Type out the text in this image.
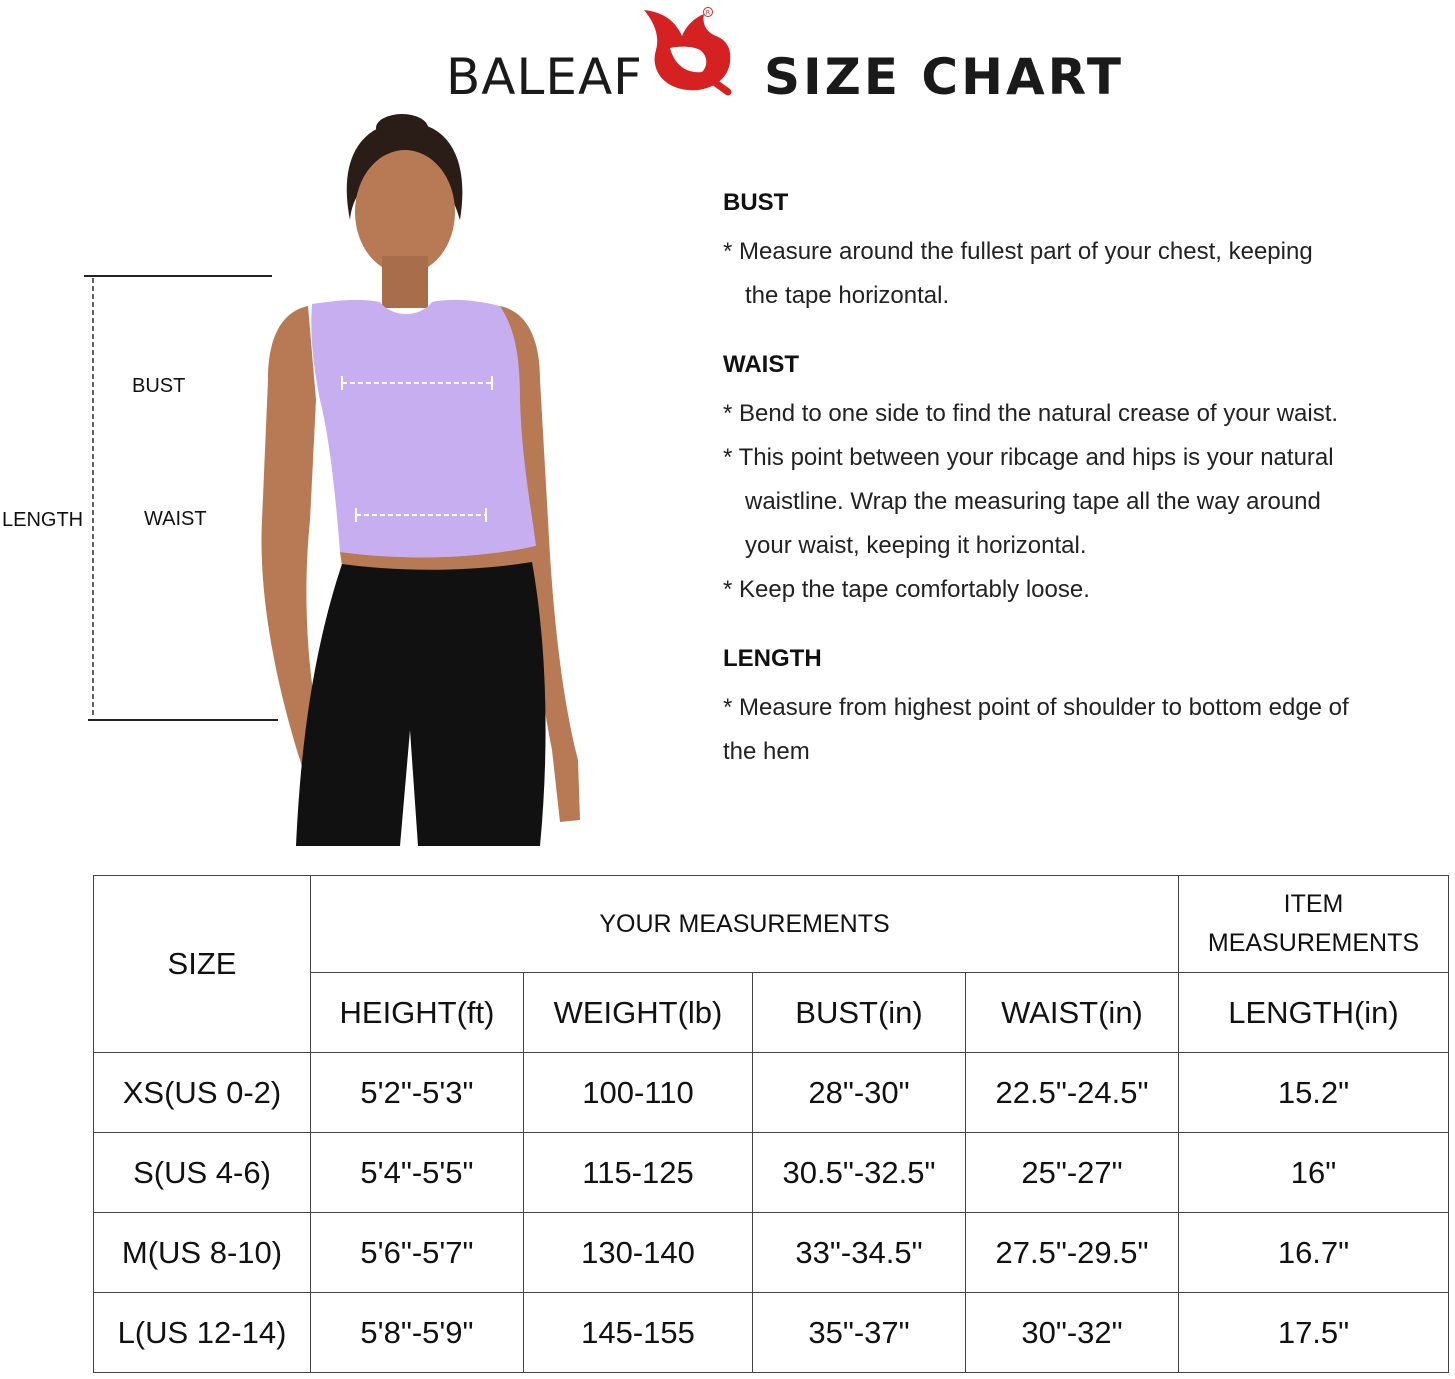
BALEAF
R
SIZE CHART
BUST
WAIST
LENGTH
BUST
* Measure around the fullest part of your chest, keeping
the tape horizontal.
WAIST
* Bend to one side to find the natural crease of your waist.
* This point between your ribcage and hips is your natural
waistline. Wrap the measuring tape all the way around
your waist, keeping it horizontal.
* Keep the tape comfortably loose.
LENGTH
* Measure from highest point of shoulder to bottom edge of
the hem
SIZE	YOUR MEASUREMENTS				ITEM MEASUREMENTS
	HEIGHT(ft)	WEIGHT(lb)	BUST(in)	WAIST(in)	LENGTH(in)
XS(US 0-2)	5'2"-5'3"	100-110	28"-30"	22.5"-24.5"	15.2"
S(US 4-6)	5'4"-5'5"	115-125	30.5"-32.5"	25"-27"	16"
M(US 8-10)	5'6"-5'7"	130-140	33"-34.5"	27.5"-29.5"	16.7"
L(US 12-14)	5'8"-5'9"	145-155	35"-37"	30"-32"	17.5"
